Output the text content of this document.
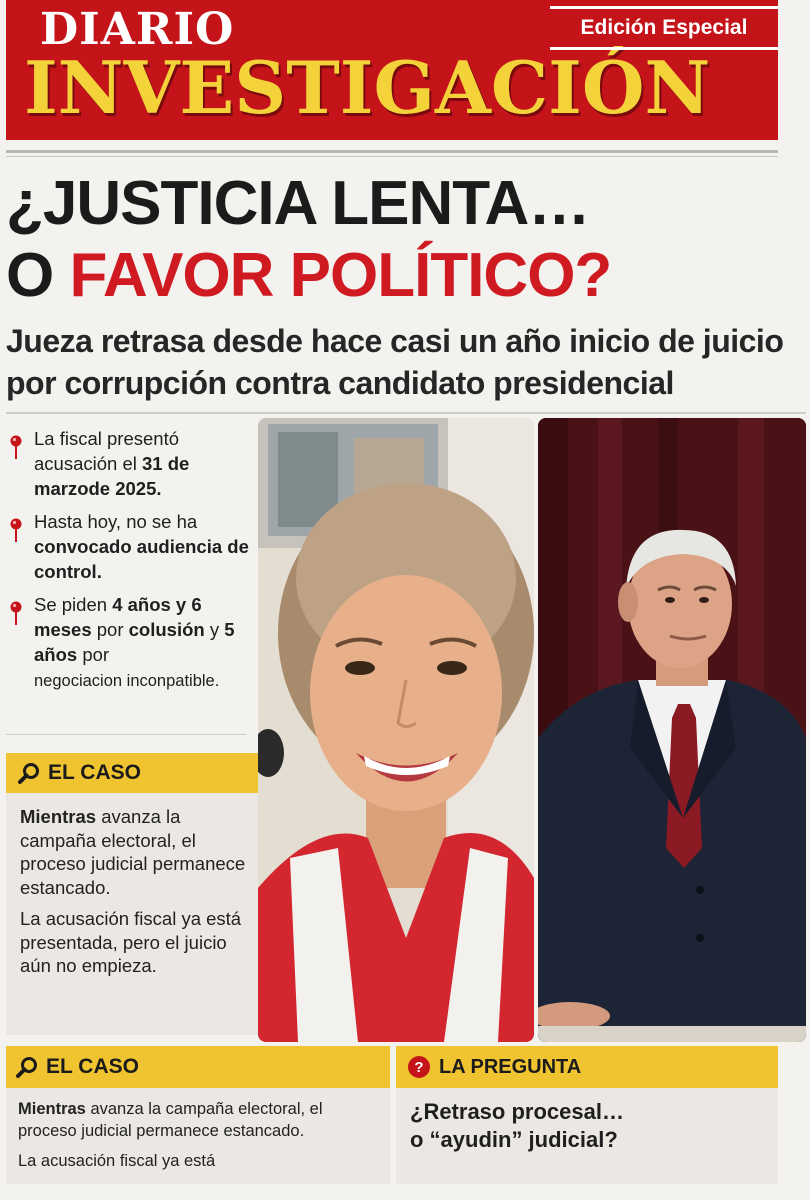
DIARIO
INVESTIGACIÓN
Edición Especial
¿JUSTICIA LENTA…
O FAVOR POLÍTICO?
Jueza retrasa desde hace casi un año inicio de juicio por corrupción contra candidato presidencial
La fiscal presentó acusación el 31 de marzode 2025.
Hasta hoy, no se ha convocado audiencia de control.
Se piden 4 años y 6 meses por colusión y 5 años por
negociacion inconpatible.
EL CASO

Mientras avanza la campaña electoral, el proceso judicial permanece estancado.

La acusación fiscal ya está presentada, pero el juicio aún no empieza.

EL CASO

Mientras avanza la campaña electoral, el proceso judicial permanece estancado.

La acusación fiscal ya está

? LA PREGUNTA
¿Retraso procesal…
o “ayudin” judicial?
